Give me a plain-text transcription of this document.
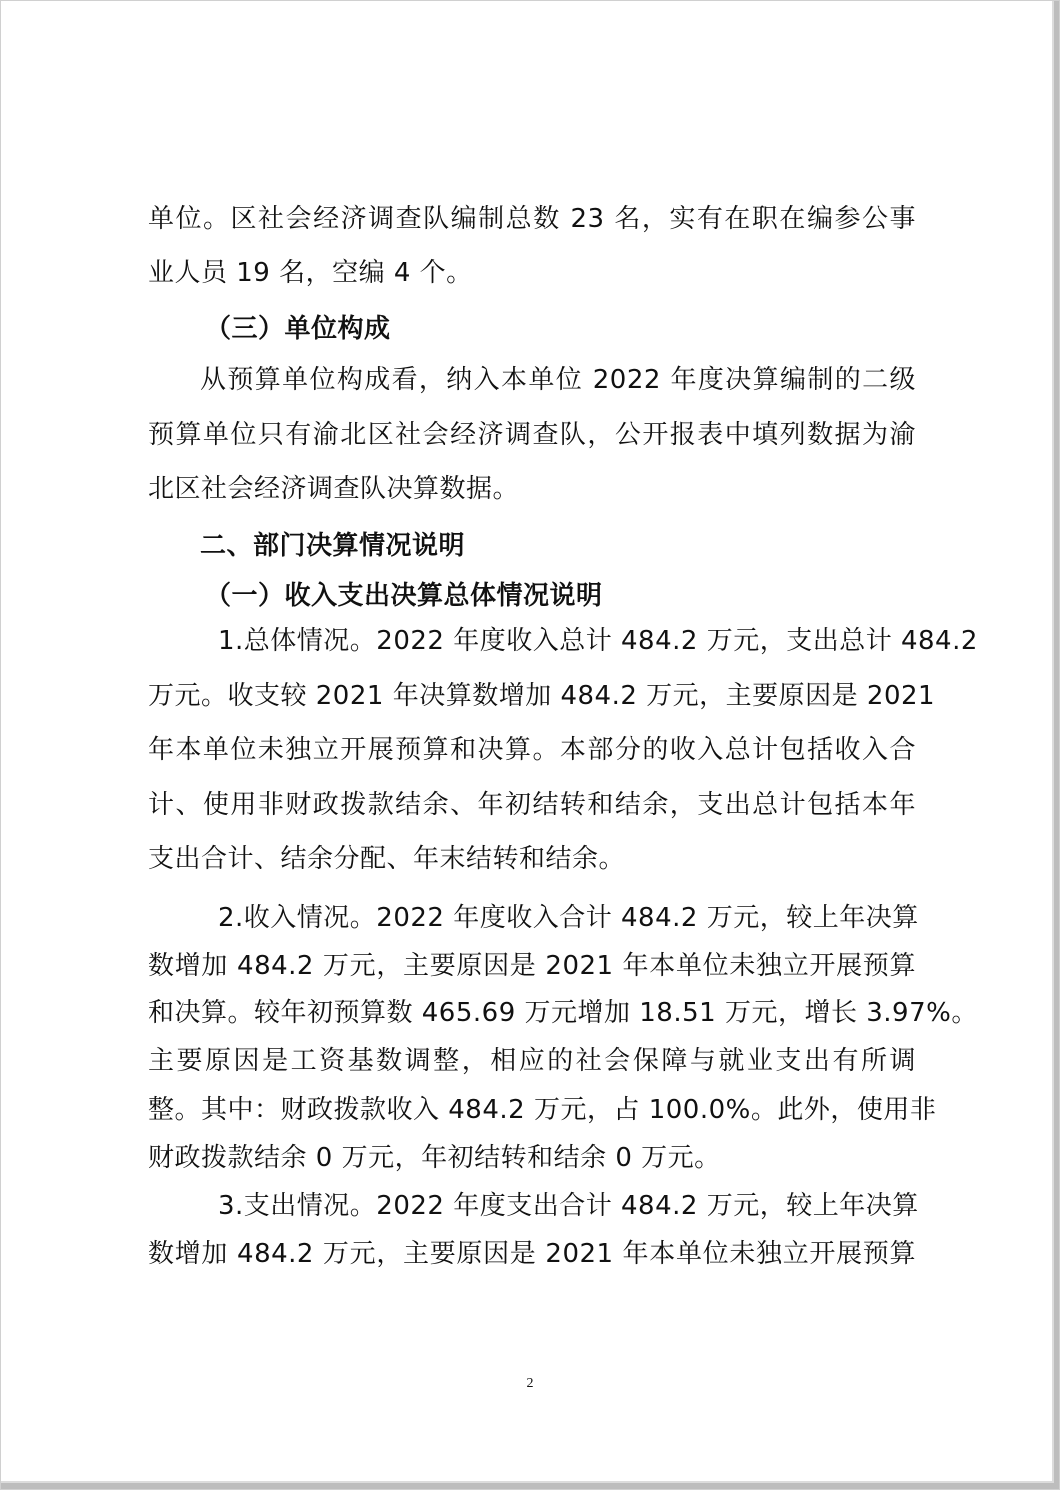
单位。区社会经济调查队编制总数 23 名，实有在职在编参公事
业人员 19 名，空编 4 个。
（三）单位构成
从预算单位构成看，纳入本单位 2022 年度决算编制的二级
预算单位只有渝北区社会经济调查队，公开报表中填列数据为渝
北区社会经济调查队决算数据。
二、部门决算情况说明
（一）收入支出决算总体情况说明
1.总体情况。2022 年度收入总计 484.2 万元，支出总计 484.2
万元。收支较 2021 年决算数增加 484.2 万元，主要原因是 2021
年本单位未独立开展预算和决算。本部分的收入总计包括收入合
计、使用非财政拨款结余、年初结转和结余，支出总计包括本年
支出合计、结余分配、年末结转和结余。
2.收入情况。2022 年度收入合计 484.2 万元，较上年决算
数增加 484.2 万元，主要原因是 2021 年本单位未独立开展预算
和决算。较年初预算数 465.69 万元增加 18.51 万元，增长 3.97%。
主要原因是工资基数调整，相应的社会保障与就业支出有所调
整。其中：财政拨款收入 484.2 万元，占 100.0%。此外，使用非
财政拨款结余 0 万元，年初结转和结余 0 万元。
3.支出情况。2022 年度支出合计 484.2 万元，较上年决算
数增加 484.2 万元，主要原因是 2021 年本单位未独立开展预算
2
